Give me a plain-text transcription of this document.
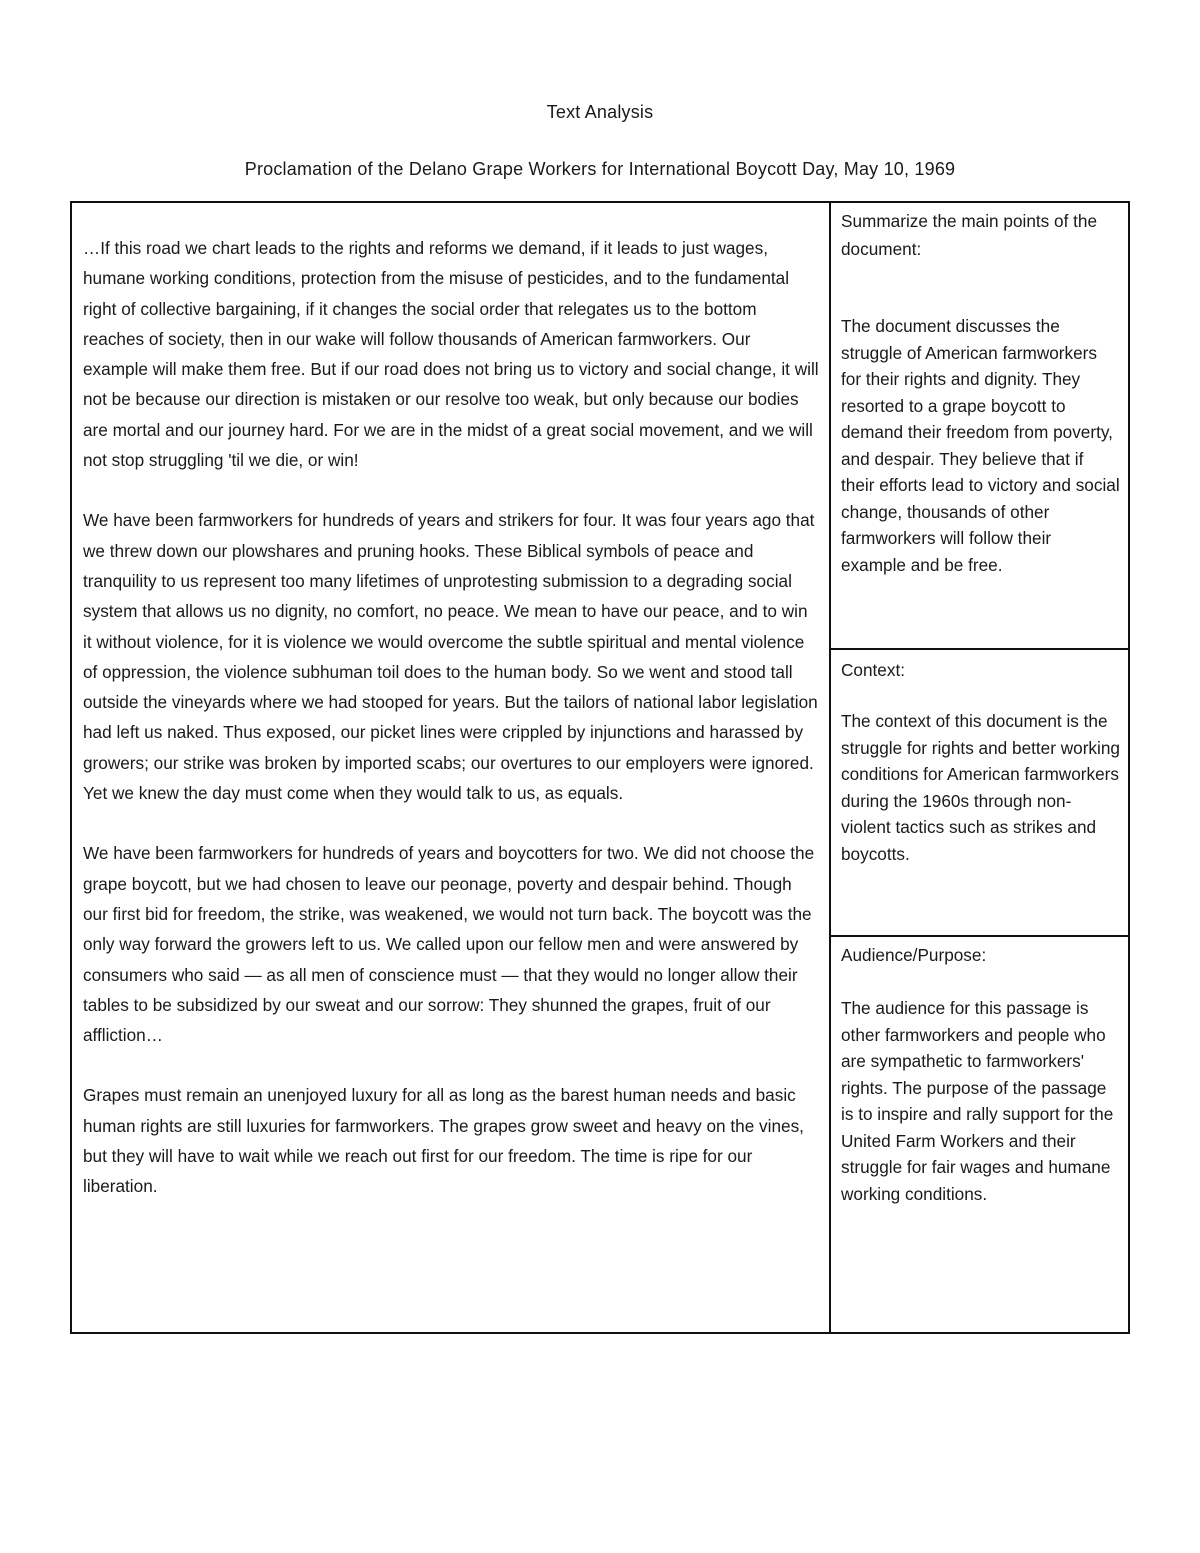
Text Analysis
Proclamation of the Delano Grape Workers for International Boycott Day, May 10, 1969

…If this road we chart leads to the rights and reforms we demand, if it leads to just wages, humane working conditions, protection from the misuse of pesticides, and to the fundamental right of collective bargaining, if it changes the social order that relegates us to the bottom reaches of society, then in our wake will follow thousands of American farmworkers. Our example will make them free. But if our road does not bring us to victory and social change, it will not be because our direction is mistaken or our resolve too weak, but only because our bodies are mortal and our journey hard. For we are in the midst of a great social movement, and we will not stop struggling 'til we die, or win!

We have been farmworkers for hundreds of years and strikers for four. It was four years ago that we threw down our plowshares and pruning hooks. These Biblical symbols of peace and tranquility to us represent too many lifetimes of unprotesting submission to a degrading social system that allows us no dignity, no comfort, no peace. We mean to have our peace, and to win it without violence, for it is violence we would overcome the subtle spiritual and mental violence of oppression, the violence subhuman toil does to the human body. So we went and stood tall outside the vineyards where we had stooped for years. But the tailors of national labor legislation had left us naked. Thus exposed, our picket lines were crippled by injunctions and harassed by growers; our strike was broken by imported scabs; our overtures to our employers were ignored. Yet we knew the day must come when they would talk to us, as equals.

We have been farmworkers for hundreds of years and boycotters for two. We did not choose the grape boycott, but we had chosen to leave our peonage, poverty and despair behind. Though our first bid for freedom, the strike, was weakened, we would not turn back. The boycott was the only way forward the growers left to us. We called upon our fellow men and were answered by consumers who said — as all men of conscience must — that they would no longer allow their tables to be subsidized by our sweat and our sorrow: They shunned the grapes, fruit of our affliction…

Grapes must remain an unenjoyed luxury for all as long as the barest human needs and basic human rights are still luxuries for farmworkers. The grapes grow sweet and heavy on the vines, but they will have to wait while we reach out first for our freedom. The time is ripe for our liberation.

Summarize the main points of the document:

The document discusses the struggle of American farmworkers for their rights and dignity. They resorted to a grape boycott to demand their freedom from poverty, and despair. They believe that if their efforts lead to victory and social change, thousands of other farmworkers will follow their example and be free.

Context:

The context of this document is the struggle for rights and better working conditions for American farmworkers during the 1960s through non-violent tactics such as strikes and boycotts.

Audience/Purpose:

The audience for this passage is other farmworkers and people who are sympathetic to farmworkers' rights. The purpose of the passage is to inspire and rally support for the United Farm Workers and their struggle for fair wages and humane working conditions.
